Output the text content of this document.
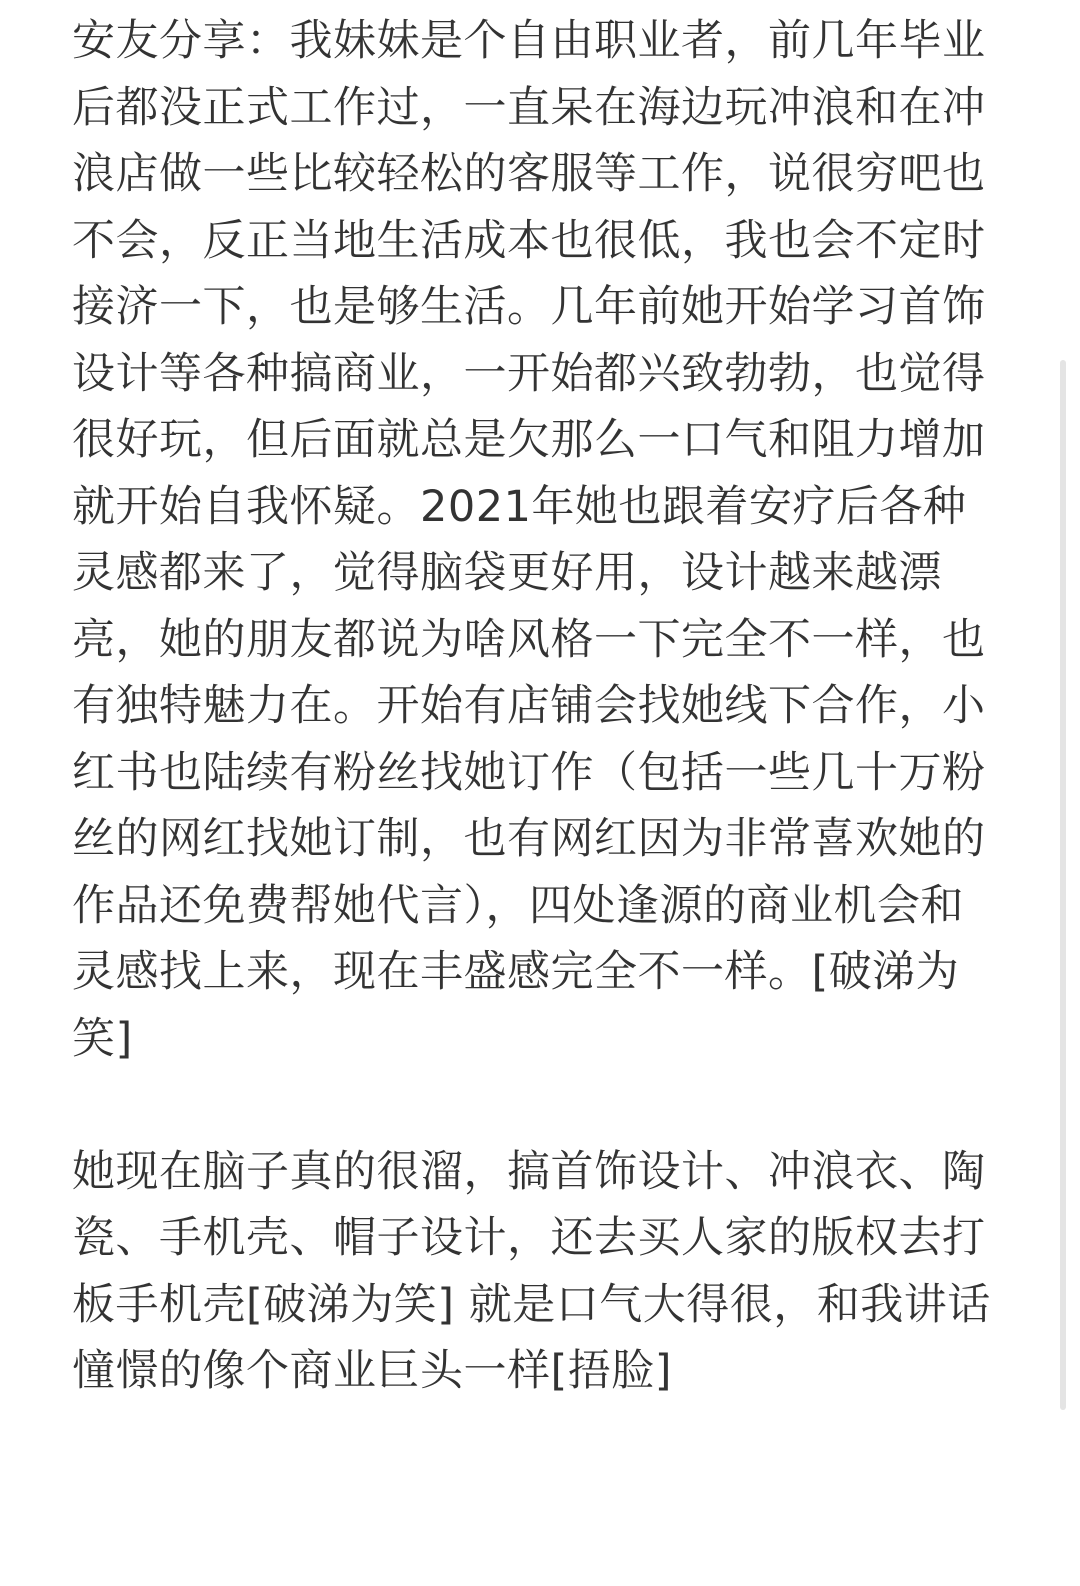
安友分享：我妹妹是个自由职业者，前几年毕业后都没正式工作过，一直呆在海边玩冲浪和在冲浪店做一些比较轻松的客服等工作，说很穷吧也不会，反正当地生活成本也很低，我也会不定时接济一下，也是够生活。几年前她开始学习首饰设计等各种搞商业，一开始都兴致勃勃，也觉得很好玩，但后面就总是欠那么一口气和阻力增加就开始自我怀疑。2021年她也跟着安疗后各种灵感都来了，觉得脑袋更好用，设计越来越漂亮，她的朋友都说为啥风格一下完全不一样，也有独特魅力在。开始有店铺会找她线下合作，小红书也陆续有粉丝找她订作（包括一些几十万粉丝的网红找她订制，也有网红因为非常喜欢她的作品还免费帮她代言），四处逢源的商业机会和灵感找上来，现在丰盛感完全不一样。[破涕为笑]

她现在脑子真的很溜，搞首饰设计、冲浪衣、陶瓷、手机壳、帽子设计，还去买人家的版权去打板手机壳[破涕为笑] 就是口气大得很，和我讲话憧憬的像个商业巨头一样[捂脸]
